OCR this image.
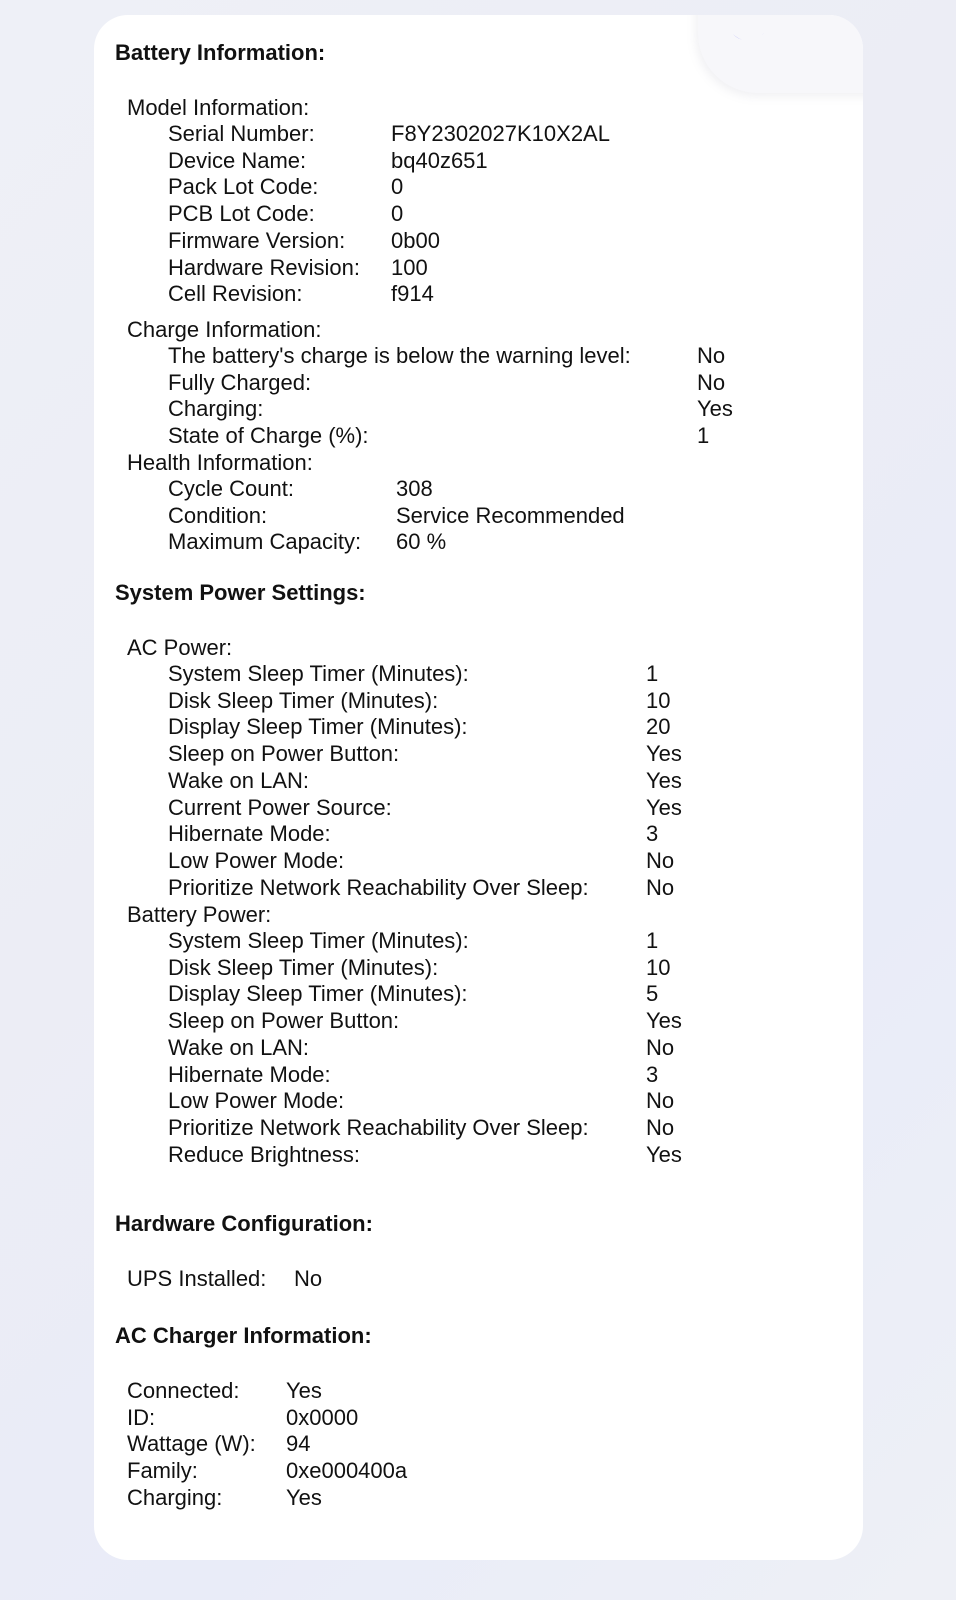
Battery Information:
Model Information:
Serial Number:	F8Y2302027K10X2AL
Device Name:	bq40z651
Pack Lot Code:	0
PCB Lot Code:	0
Firmware Version: 0b00
Hardware Revision: 100
Cell Revision:	f914
Charge Information:
The battery's charge is below the warning level:	No
Fully Charged:	No
Charging:	Yes
State of Charge (%):	1
Health Information:
Cycle Count:	308
Condition:	Service Recommended
Maximum Capacity: 60 %
System Power Settings:
AC Power:
System Sleep Timer (Minutes):	1
Disk Sleep Timer (Minutes):	10
Display Sleep Timer (Minutes):	20
Sleep on Power Button:	Yes
Wake on LAN:	Yes
Current Power Source:	Yes
Hibernate Mode:	3
Low Power Mode:	No
Prioritize Network Reachability Over Sleep:	No
Battery Power:
System Sleep Timer (Minutes):	1
Disk Sleep Timer (Minutes):	10
Display Sleep Timer (Minutes):	5
Sleep on Power Button:	Yes
Wake on LAN:	No
Hibernate Mode:	3
Low Power Mode:	No
Prioritize Network Reachability Over Sleep:	No
Reduce Brightness:	Yes
Hardware Configuration:
UPS Installed: No
AC Charger Information:
Connected: Yes
ID:	0x0000
Wattage (W): 94
Family:	0xe000400a
Charging:	Yes
